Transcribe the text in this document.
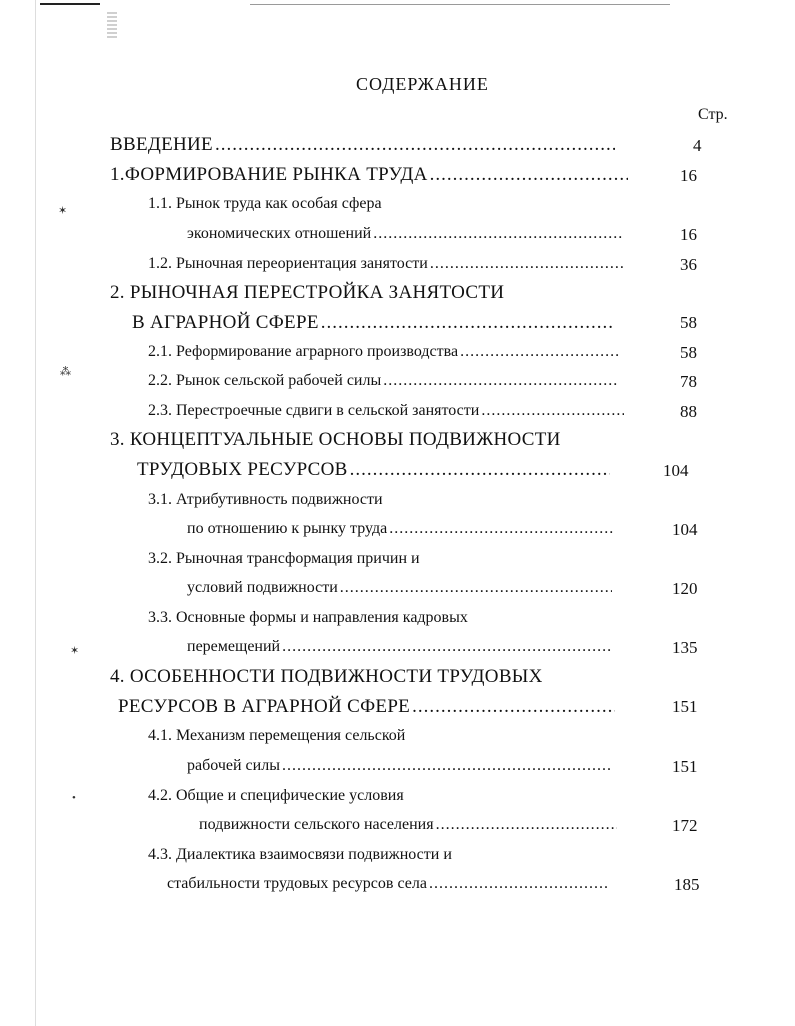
✶
⁂
✶
•
СОДЕРЖАНИЕ
Стр.
ВВЕДЕНИЕ .....	4
1.ФОРМИРОВАНИЕ РЫНКА ТРУДА .....	16
1.1. Рынок труда как особая сфера
экономических отношений .....	16
1.2. Рыночная переориентация занятости .....	36
2. РЫНОЧНАЯ ПЕРЕСТРОЙКА ЗАНЯТОСТИ
В АГРАРНОЙ СФЕРЕ .....	58
2.1. Реформирование аграрного производства .....	58
2.2. Рынок сельской рабочей силы .....	78
2.3. Перестроечные сдвиги в сельской занятости .....	88
3. КОНЦЕПТУАЛЬНЫЕ ОСНОВЫ ПОДВИЖНОСТИ
ТРУДОВЫХ РЕСУРСОВ .....	104
3.1. Атрибутивность подвижности
по отношению к рынку труда .....	104
3.2. Рыночная трансформация причин и
условий подвижности .....	120
3.3. Основные формы и направления кадровых
перемещений .....	135
4. ОСОБЕННОСТИ ПОДВИЖНОСТИ ТРУДОВЫХ
РЕСУРСОВ В АГРАРНОЙ СФЕРЕ .....	151
4.1. Механизм перемещения сельской
рабочей силы .....	151
4.2. Общие и специфические условия
подвижности сельского населения .....	172
4.3. Диалектика взаимосвязи подвижности и
стабильности трудовых ресурсов села .....	185
